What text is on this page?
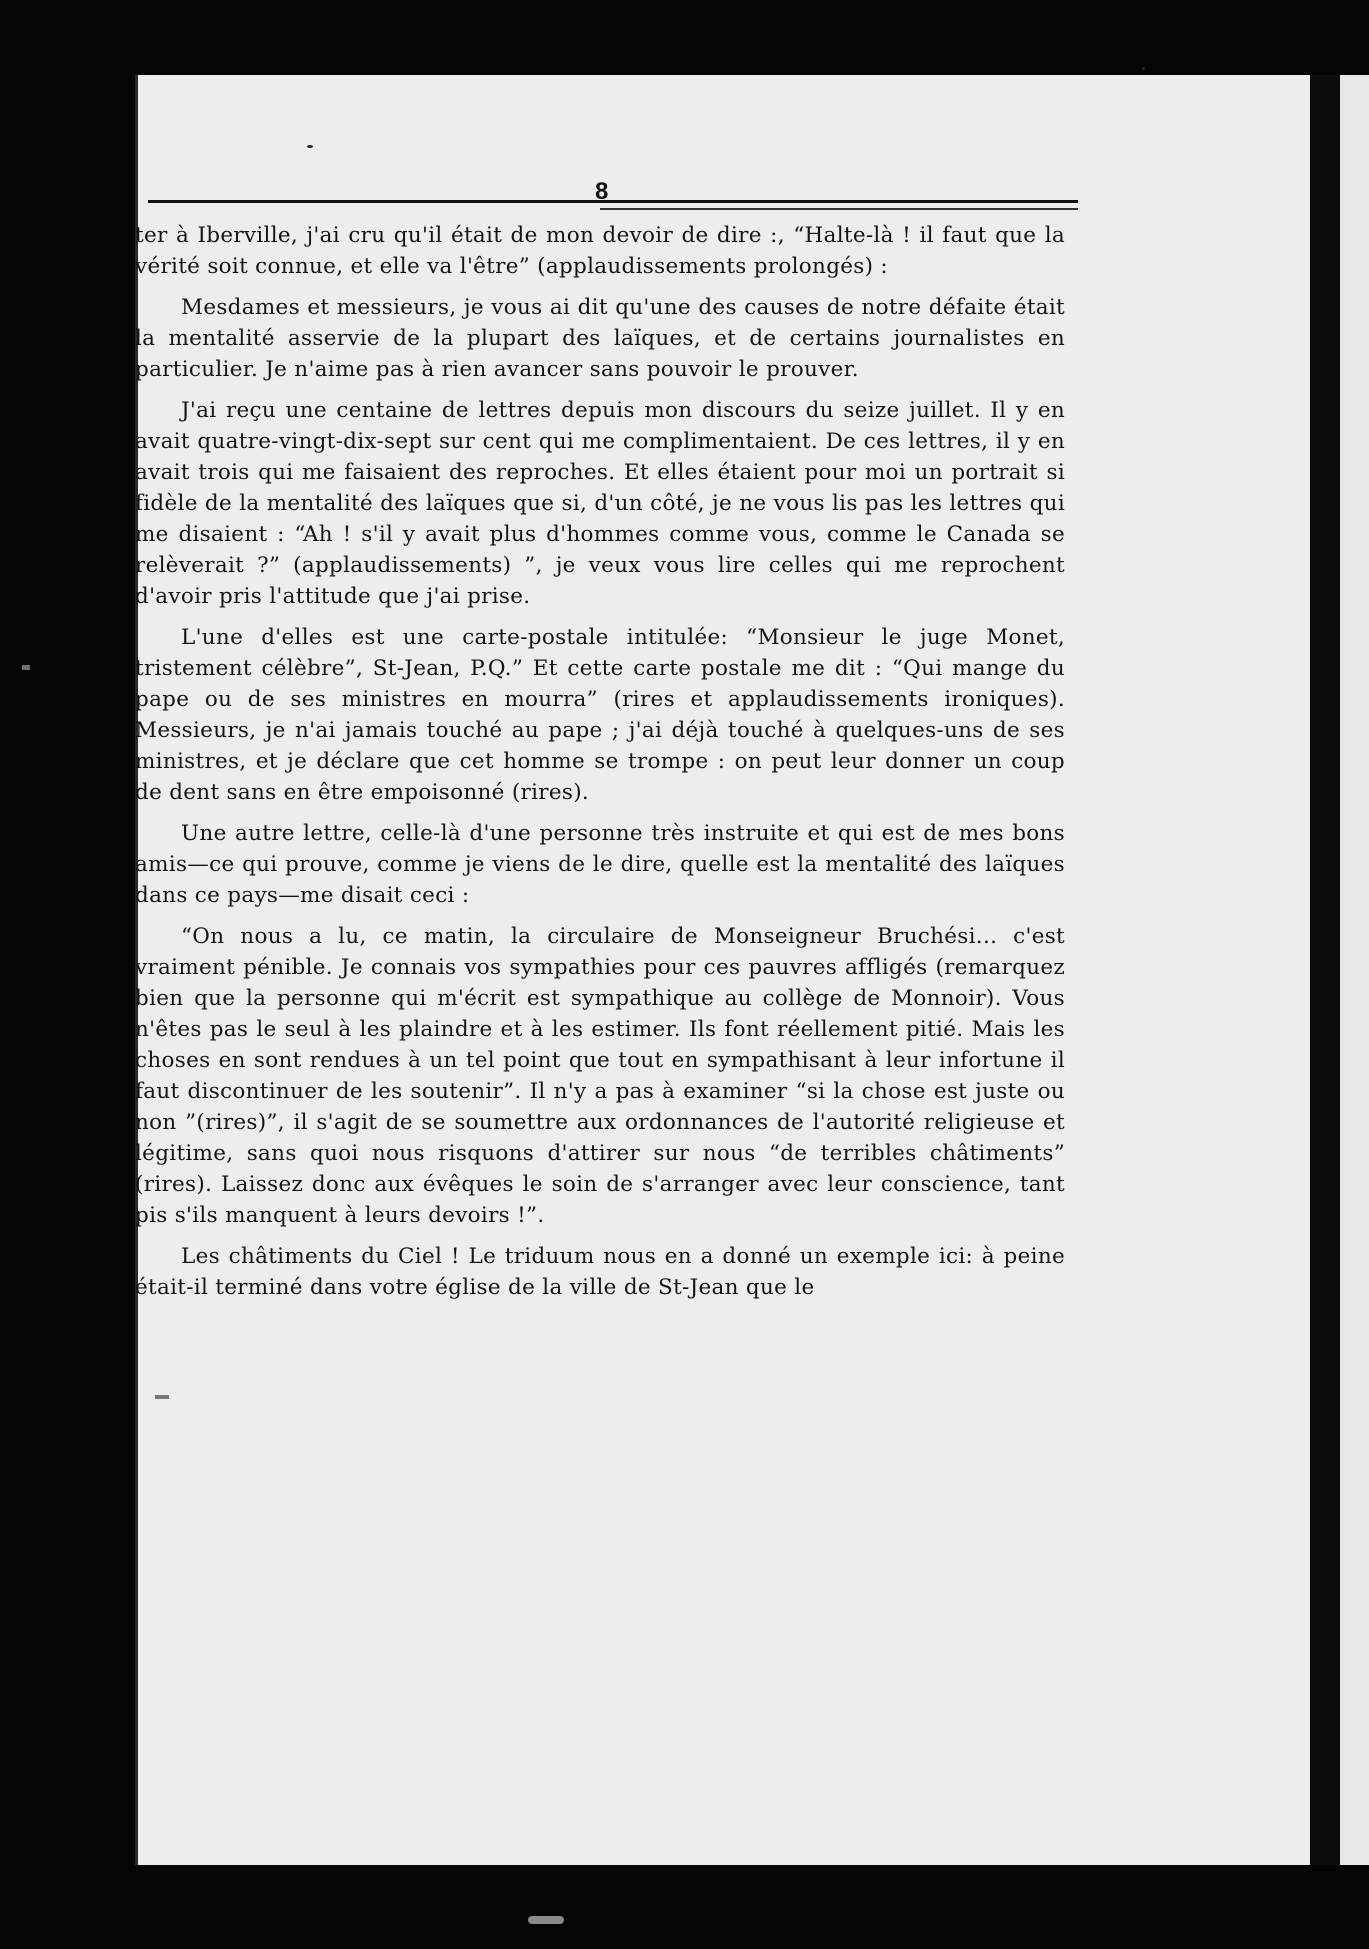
8

ter à Iberville, j'ai cru qu'il était de mon devoir de dire :, “Halte-là ! il faut que la vérité soit connue, et elle va l'être” (applaudissements prolongés) :

Mesdames et messieurs, je vous ai dit qu'une des causes de notre défaite était la mentalité asservie de la plupart des laïques, et de certains journalistes en particulier. Je n'aime pas à rien avancer sans pouvoir le prouver.

J'ai reçu une centaine de lettres depuis mon discours du seize juillet. Il y en avait quatre-vingt-dix-sept sur cent qui me complimentaient. De ces lettres, il y en avait trois qui me faisaient des reproches. Et elles étaient pour moi un portrait si fidèle de la mentalité des laïques que si, d'un côté, je ne vous lis pas les lettres qui me disaient : “Ah ! s'il y avait plus d'hommes comme vous, comme le Canada se relèverait ?” (applaudissements) ”, je veux vous lire celles qui me reprochent d'avoir pris l'attitude que j'ai prise.

L'une d'elles est une carte-postale intitulée: “Monsieur le juge Monet, tristement célèbre”, St-Jean, P.Q.” Et cette carte postale me dit : “Qui mange du pape ou de ses ministres en mourra” (rires et applaudissements ironiques). Messieurs, je n'ai jamais touché au pape ; j'ai déjà touché à quelques-uns de ses ministres, et je déclare que cet homme se trompe : on peut leur donner un coup de dent sans en être empoisonné (rires).

Une autre lettre, celle-là d'une personne très instruite et qui est de mes bons amis—ce qui prouve, comme je viens de le dire, quelle est la mentalité des laïques dans ce pays—me disait ceci :

“On nous a lu, ce matin, la circulaire de Monseigneur Bruchési... c'est vraiment pénible. Je connais vos sympathies pour ces pauvres affligés (remarquez bien que la personne qui m'écrit est sympathique au collège de Monnoir). Vous n'êtes pas le seul à les plaindre et à les estimer. Ils font réellement pitié. Mais les choses en sont rendues à un tel point que tout en sympathisant à leur infortune il faut discontinuer de les soutenir”. Il n'y a pas à examiner “si la chose est juste ou non ”(rires)”, il s'agit de se soumettre aux ordonnances de l'autorité religieuse et légitime, sans quoi nous risquons d'attirer sur nous “de terribles châtiments” (rires). Laissez donc aux évêques le soin de s'arranger avec leur conscience, tant pis s'ils manquent à leurs devoirs !”.

Les châtiments du Ciel ! Le triduum nous en a donné un exemple ici: à peine était-il terminé dans votre église de la ville de St-Jean que le
